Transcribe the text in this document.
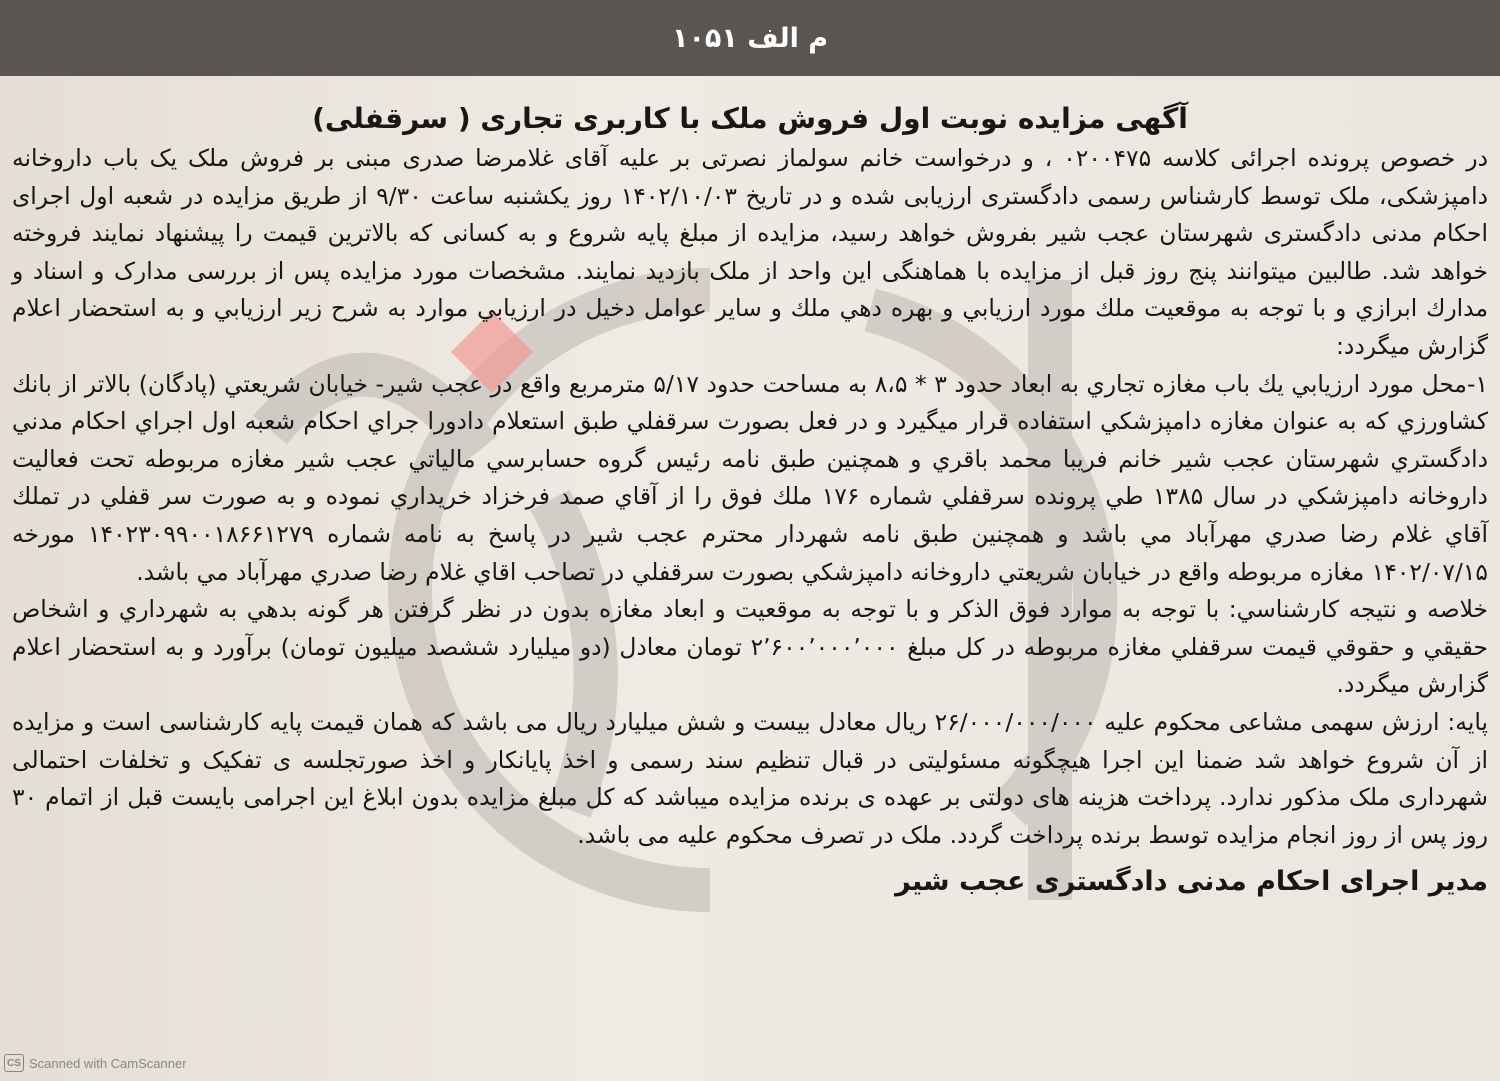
م الف ۱۰۵۱
آگهی مزایده نوبت اول فروش ملک با کاربری تجاری ( سرقفلی)

در خصوص پرونده اجرائی کلاسه ۰۲۰۰۴۷۵ ، و درخواست خانم سولماز نصرتی بر علیه آقای غلامرضا صدری مبنی بر فروش ملک یک باب داروخانه دامپزشکی، ملک توسط کارشناس رسمی دادگستری ارزیابی شده و در تاریخ ۱۴۰۲/۱۰/۰۳ روز یکشنبه ساعت ۹/۳۰ از طریق مزایده در شعبه اول اجرای احکام مدنی دادگستری شهرستان عجب شیر بفروش خواهد رسید، مزایده از مبلغ پایه شروع و به کسانی که بالاترین قیمت را پیشنهاد نمایند فروخته خواهد شد. طالبین میتوانند پنج روز قبل از مزایده با هماهنگی این واحد از ملک بازدید نمایند. مشخصات مورد مزایده پس از بررسی مدارک و اسناد و مدارك ابرازي و با توجه به موقعيت ملك مورد ارزيابي و بهره دهي ملك و ساير عوامل دخيل در ارزيابي موارد به شرح زير ارزيابي و به استحضار اعلام گزارش ميگردد:

۱-محل مورد ارزيابي يك باب مغازه تجاري به ابعاد حدود ۳ * ۸،۵ به مساحت حدود ۵/۱۷ مترمربع واقع در عجب شير- خيابان شريعتي (پادگان) بالاتر از بانك كشاورزي كه به عنوان مغازه دامپزشكي استفاده قرار ميگيرد و در فعل بصورت سرقفلي طبق استعلام دادورا جراي احكام شعبه اول اجراي احكام مدني دادگستري شهرستان عجب شير خانم فريبا محمد باقري و همچنين طبق نامه رئيس گروه حسابرسي مالياتي عجب شير مغازه مربوطه تحت فعاليت داروخانه دامپزشكي در سال ۱۳۸۵ طي پرونده سرقفلي شماره ۱۷۶ ملك فوق را از آقاي صمد فرخزاد خريداري نموده و به صورت سر قفلي در تملك آقاي غلام رضا صدري مهرآباد مي باشد و همچنين طبق نامه شهردار محترم عجب شير در پاسخ به نامه شماره ۱۴۰۲۳۰۹۹۰۰۱۸۶۶۱۲۷۹ مورخه ۱۴۰۲/۰۷/۱۵ مغازه مربوطه واقع در خيابان شريعتي داروخانه دامپزشكي بصورت سرقفلي در تصاحب اقاي غلام رضا صدري مهرآباد مي باشد.

خلاصه و نتيجه كارشناسي: با توجه به موارد فوق الذكر و با توجه به موقعيت و ابعاد مغازه بدون در نظر گرفتن هر گونه بدهي به شهرداري و اشخاص حقيقي و حقوقي قيمت سرقفلي مغازه مربوطه در كل مبلغ ۲٬۶۰۰٬۰۰۰٬۰۰۰ تومان معادل (دو ميليارد ششصد ميليون تومان) برآورد و به استحضار اعلام گزارش ميگردد.

پایه: ارزش سهمی مشاعی محکوم علیه ۲۶/۰۰۰/۰۰۰/۰۰۰ ریال معادل بیست و شش میلیارد ریال می باشد که همان قیمت پایه کارشناسی است و مزایده از آن شروع خواهد شد ضمنا این اجرا هیچگونه مسئولیتی در قبال تنظیم سند رسمی و اخذ پایانکار و اخذ صورتجلسه ی تفکیک و تخلفات احتمالی شهرداری ملک مذکور ندارد. پرداخت هزینه های دولتی بر عهده ی برنده مزایده میباشد که کل مبلغ مزایده بدون ابلاغ این اجرامی بایست قبل از اتمام ۳۰ روز پس از روز انجام مزایده توسط برنده پرداخت گردد. ملک در تصرف محکوم علیه می باشد.

مدیر اجرای احکام مدنی دادگستری عجب شیر
CS Scanned with CamScanner
